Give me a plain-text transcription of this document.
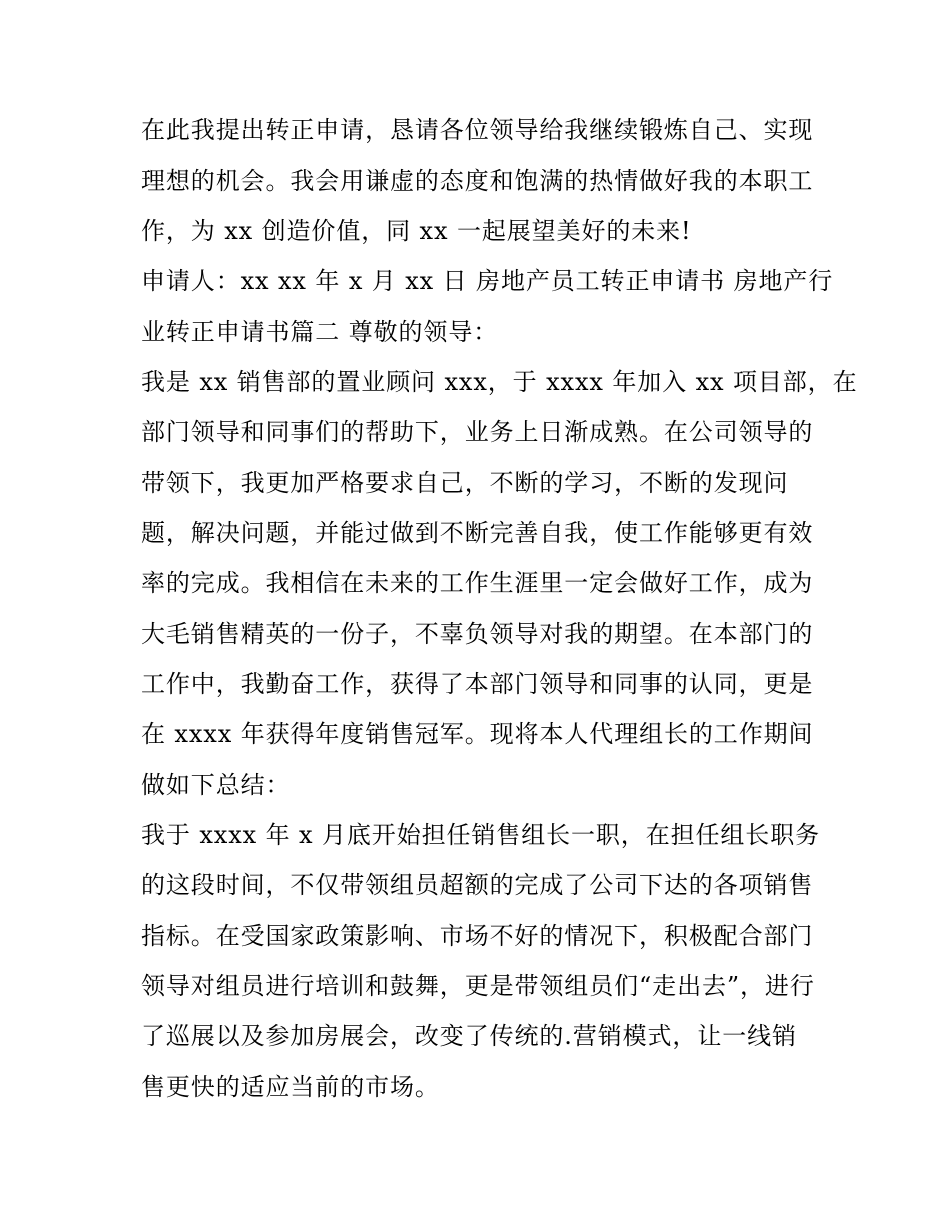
在此我提出转正申请，恳请各位领导给我继续锻炼自己、实现
理想的机会。我会用谦虚的态度和饱满的热情做好我的本职工
作，为 xx 创造价值，同 xx 一起展望美好的未来!
申请人：xx xx 年 x 月 xx 日 房地产员工转正申请书 房地产行
业转正申请书篇二 尊敬的领导：
我是 xx 销售部的置业顾问 xxx，于 xxxx 年加入 xx 项目部，在
部门领导和同事们的帮助下，业务上日渐成熟。在公司领导的
带领下，我更加严格要求自己，不断的学习，不断的发现问
题，解决问题，并能过做到不断完善自我，使工作能够更有效
率的完成。我相信在未来的工作生涯里一定会做好工作，成为
大毛销售精英的一份子，不辜负领导对我的期望。在本部门的
工作中，我勤奋工作，获得了本部门领导和同事的认同，更是
在 xxxx 年获得年度销售冠军。现将本人代理组长的工作期间
做如下总结：
我于 xxxx 年 x 月底开始担任销售组长一职，在担任组长职务
的这段时间，不仅带领组员超额的完成了公司下达的各项销售
指标。在受国家政策影响、市场不好的情况下，积极配合部门
领导对组员进行培训和鼓舞，更是带领组员们“走出去”，进行
了巡展以及参加房展会，改变了传统的.营销模式，让一线销
售更快的适应当前的市场。
